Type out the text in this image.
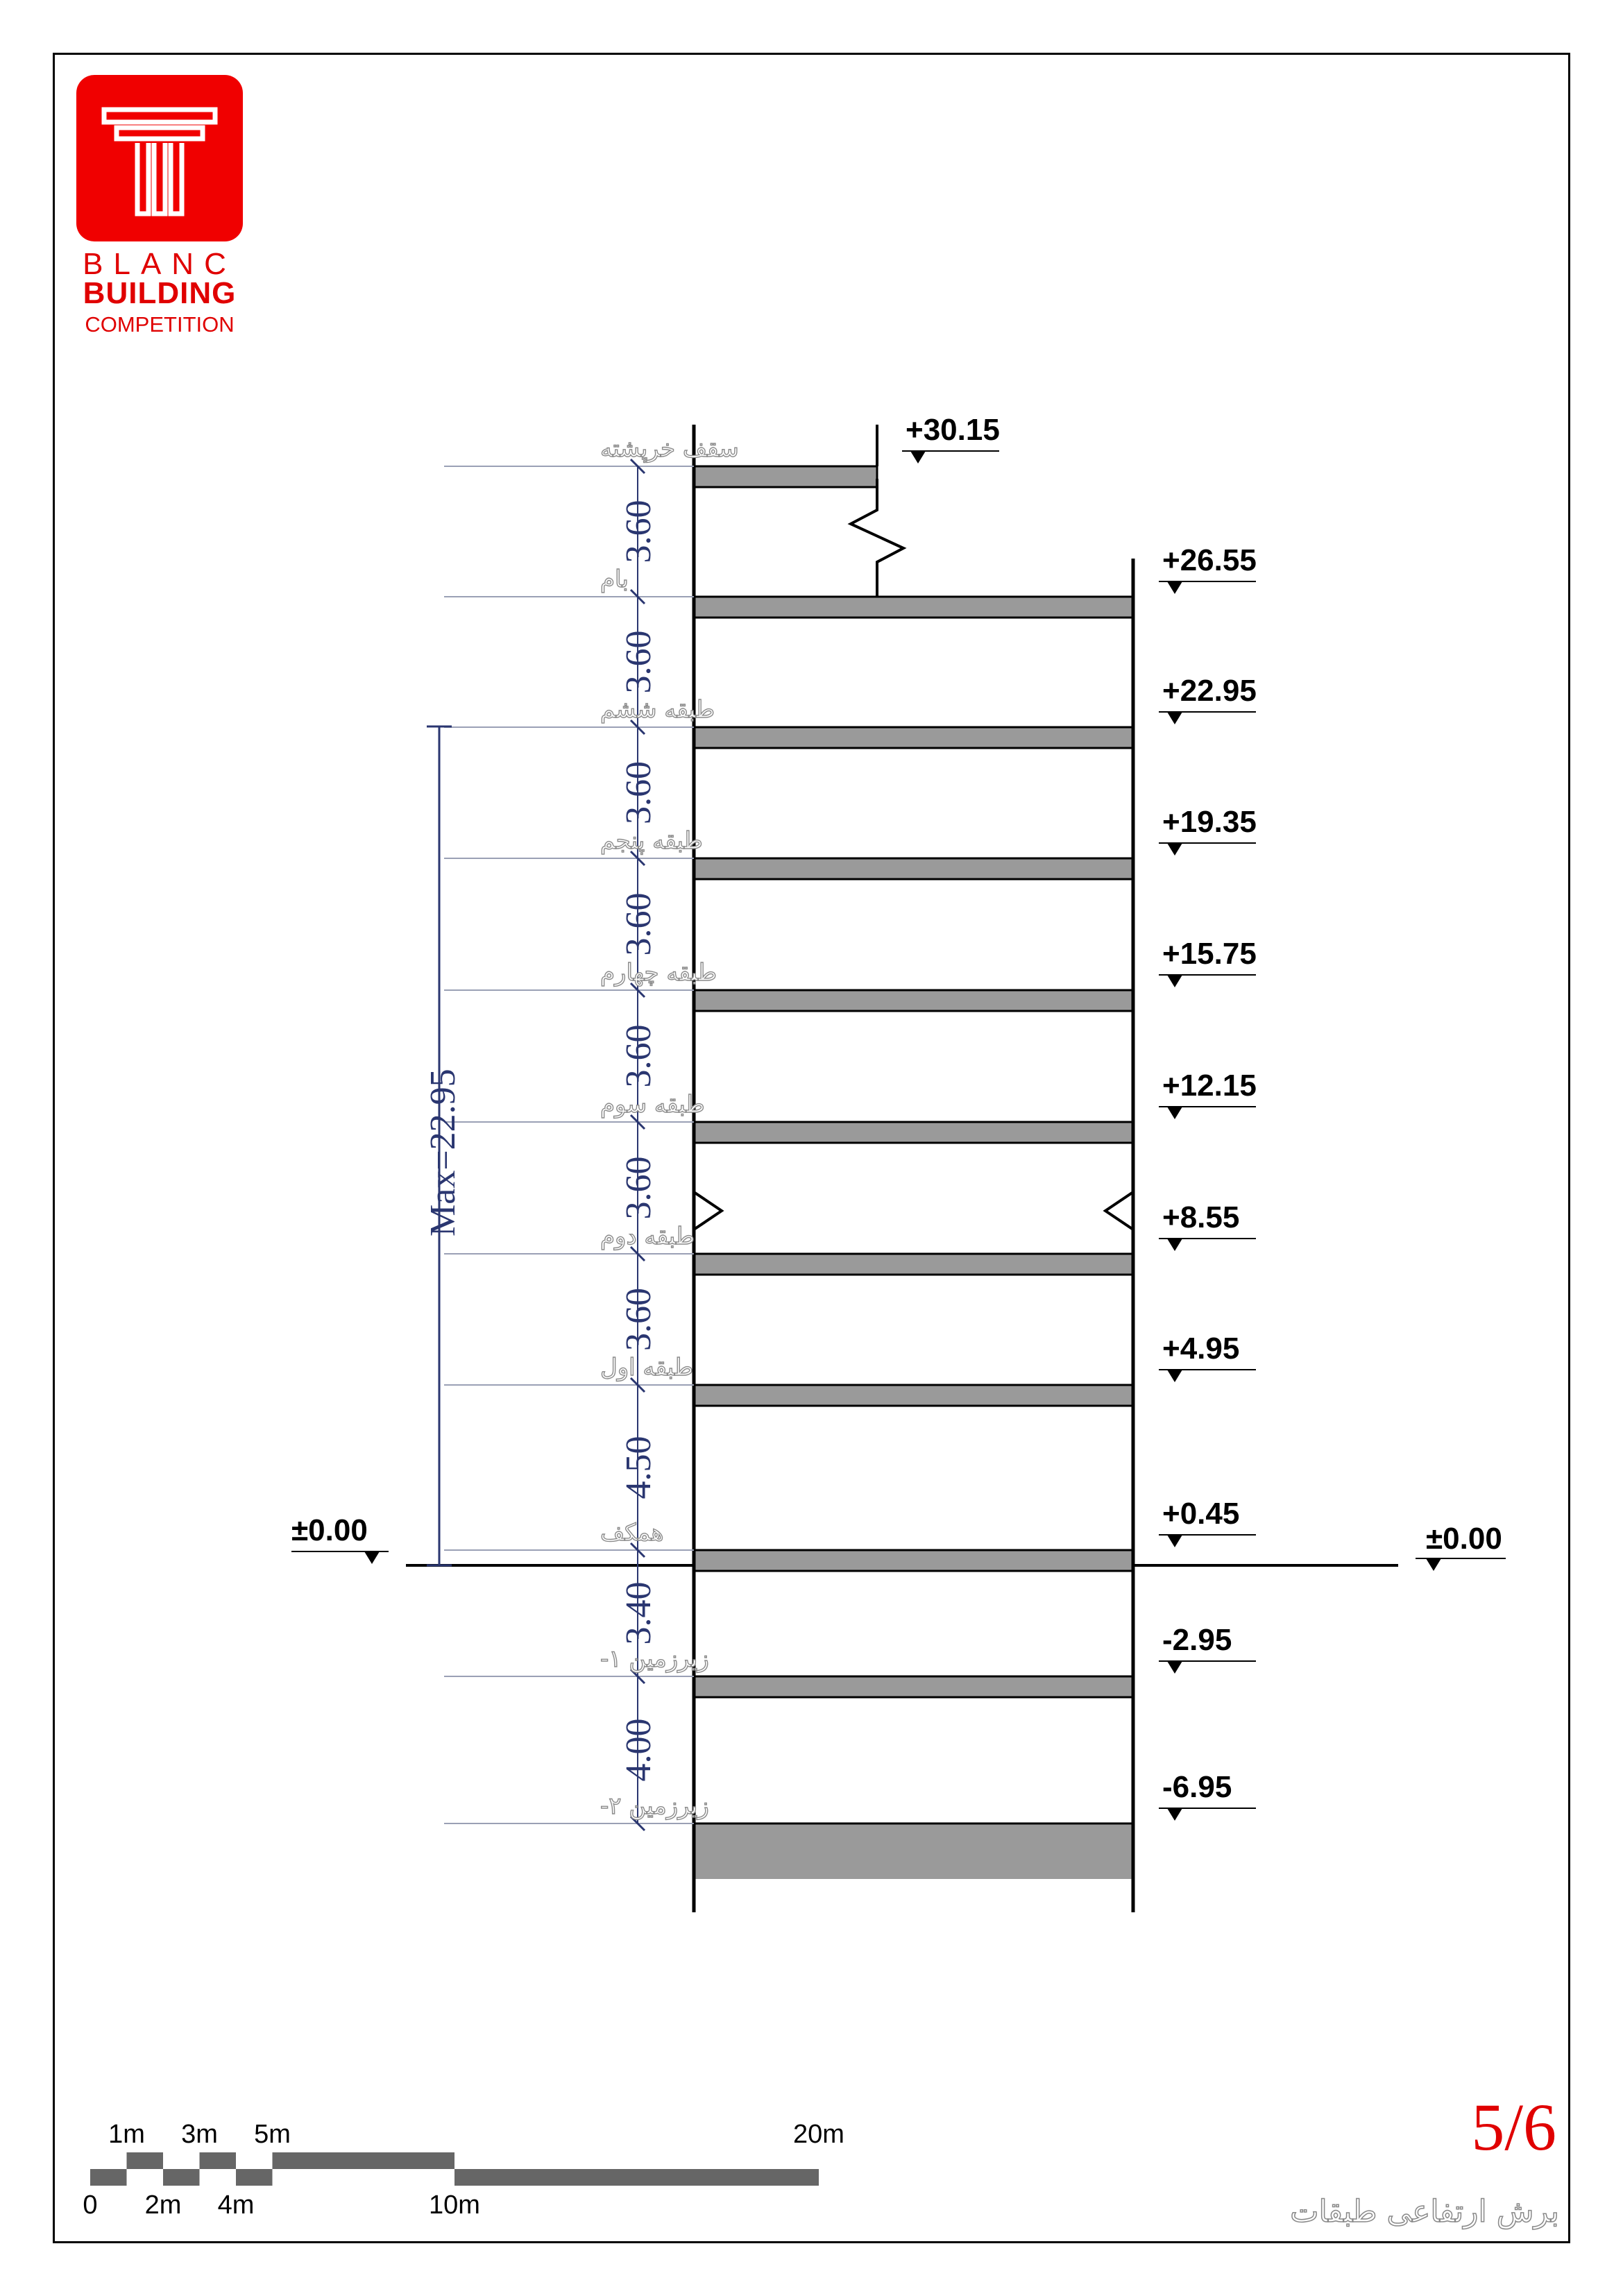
BLANC
BUILDING
COMPETITION
3.60
3.60
3.60
3.60
3.60
3.60
3.60
4.50
3.40
4.00
سقف خرپشته
بام
طبقه ششم
طبقه پنجم
طبقه چهارم
طبقه سوم
طبقه دوم
طبقه اول
همکف
زیرزمین ۱-
زیرزمین ۲-
+30.15
+26.55
+22.95
+19.35
+15.75
+12.15
+8.55
+4.95
+0.45
-2.95
-6.95
Max=22.95
±0.00	±0.00
1m 3m 5m	20m
0 2m 4m	10m
5/6
برش ارتفاعی طبقات
